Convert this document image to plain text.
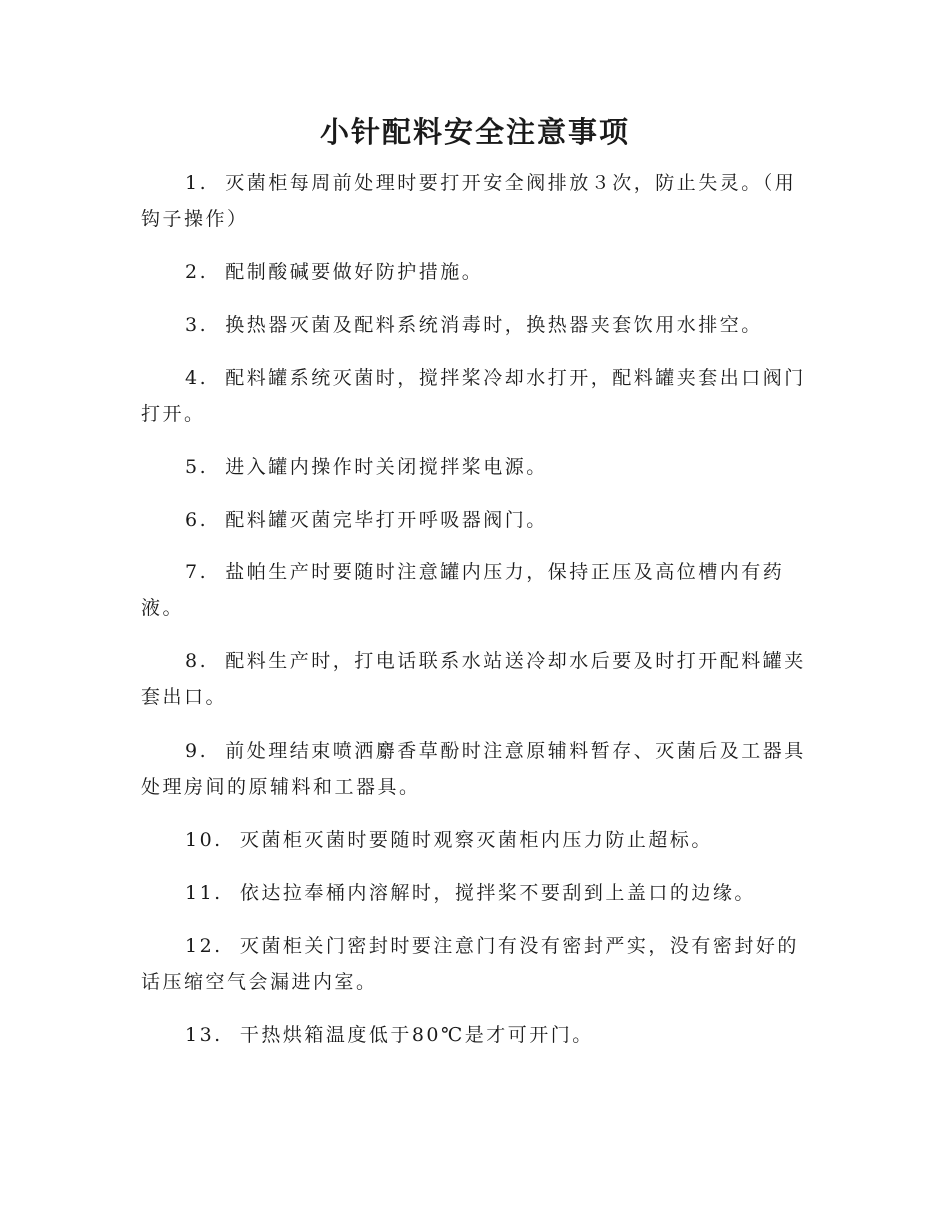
小针配料安全注意事项

1. 灭菌柜每周前处理时要打开安全阀排放３次，防止失灵。（用钩子操作）

2. 配制酸碱要做好防护措施。

3. 换热器灭菌及配料系统消毒时，换热器夹套饮用水排空。

4. 配料罐系统灭菌时，搅拌桨冷却水打开，配料罐夹套出口阀门打开。

5. 进入罐内操作时关闭搅拌桨电源。

6. 配料罐灭菌完毕打开呼吸器阀门。

7. 盐帕生产时要随时注意罐内压力，保持正压及高位槽内有药液。

8. 配料生产时，打电话联系水站送冷却水后要及时打开配料罐夹套出口。

9. 前处理结束喷洒麝香草酚时注意原辅料暂存、灭菌后及工器具处理房间的原辅料和工器具。

10. 灭菌柜灭菌时要随时观察灭菌柜内压力防止超标。

11. 依达拉奉桶内溶解时，搅拌桨不要刮到上盖口的边缘。

12. 灭菌柜关门密封时要注意门有没有密封严实，没有密封好的话压缩空气会漏进内室。

13. 干热烘箱温度低于80℃是才可开门。
